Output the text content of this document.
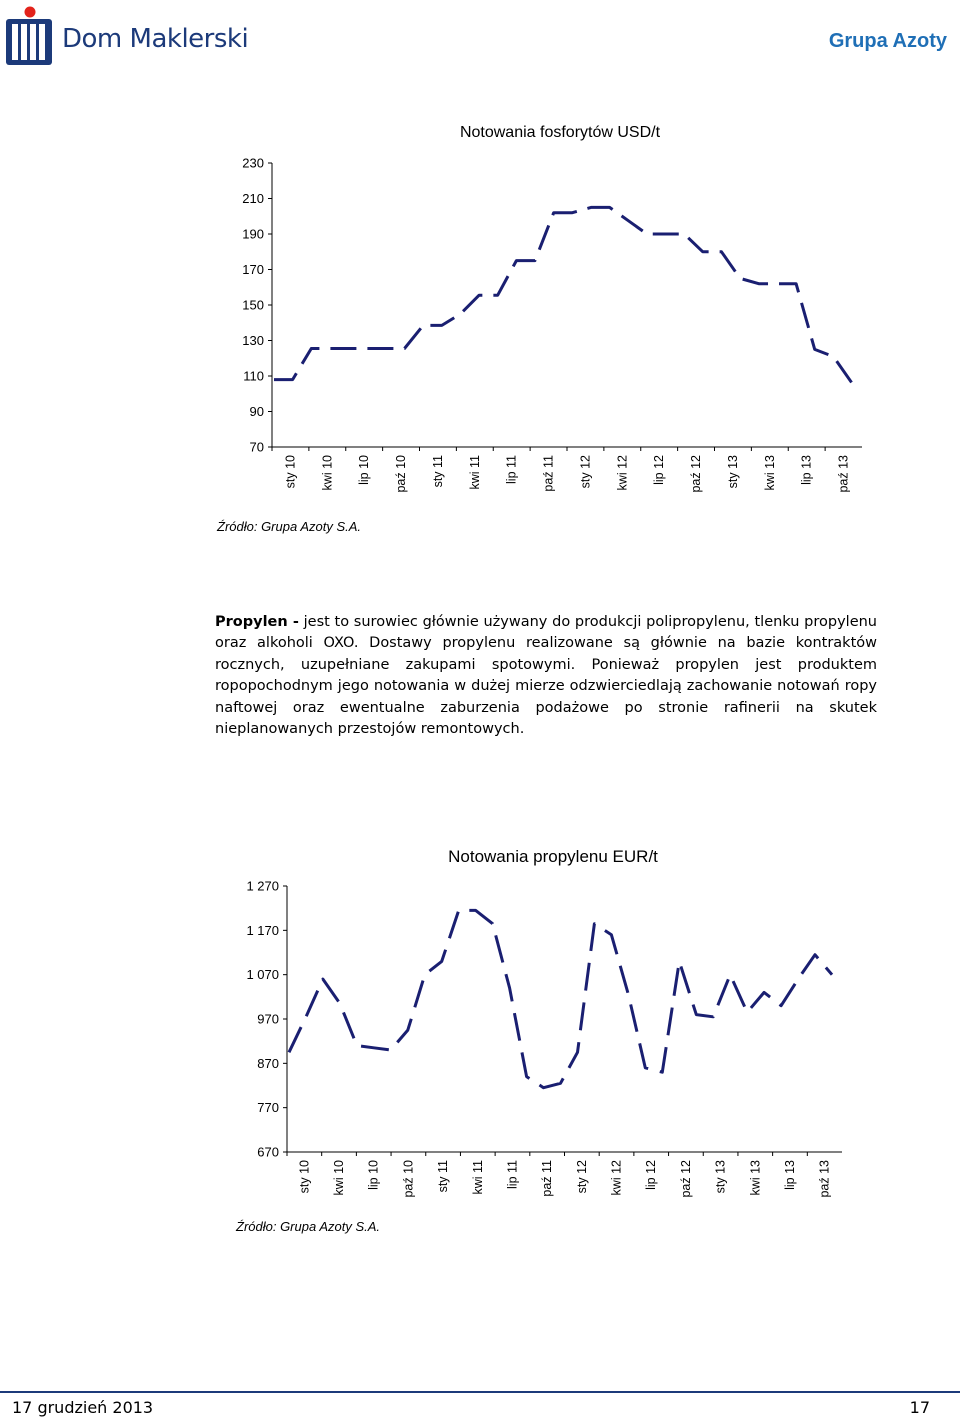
Dom Maklerski	Grupa Azoty
Notowania fosforytów USD/t
70
90
110
130
150
170
190
210
230
sty 10 kwi 10 lip 10 paź 10 sty 11 kwi 11 lip 11 paź 11 sty 12 kwi 12 lip 12 paź 12 sty 13 kwi 13 lip 13 paź 13
Źródło: Grupa Azoty S.A.
Propylen - jest to surowiec głównie używany do produkcji polipropylenu, tlenku propylenu oraz alkoholi OXO. Dostawy propylenu realizowane są głównie na bazie kontraktów rocznych, uzupełniane zakupami spotowymi. Ponieważ propylen jest produktem ropopochodnym jego notowania w dużej mierze odzwierciedlają zachowanie notowań ropy naftowej oraz ewentualne zaburzenia podażowe po stronie rafinerii na skutek nieplanowanych przestojów remontowych.
Notowania propylenu EUR/t
670
770
870
970
1 070
1 170
1 270
sty 10 kwi 10 lip 10 paź 10 sty 11 kwi 11 lip 11 paź 11 sty 12 kwi 12 lip 12 paź 12 sty 13 kwi 13 lip 13 paź 13
Źródło: Grupa Azoty S.A.
17 grudzień 2013	17
